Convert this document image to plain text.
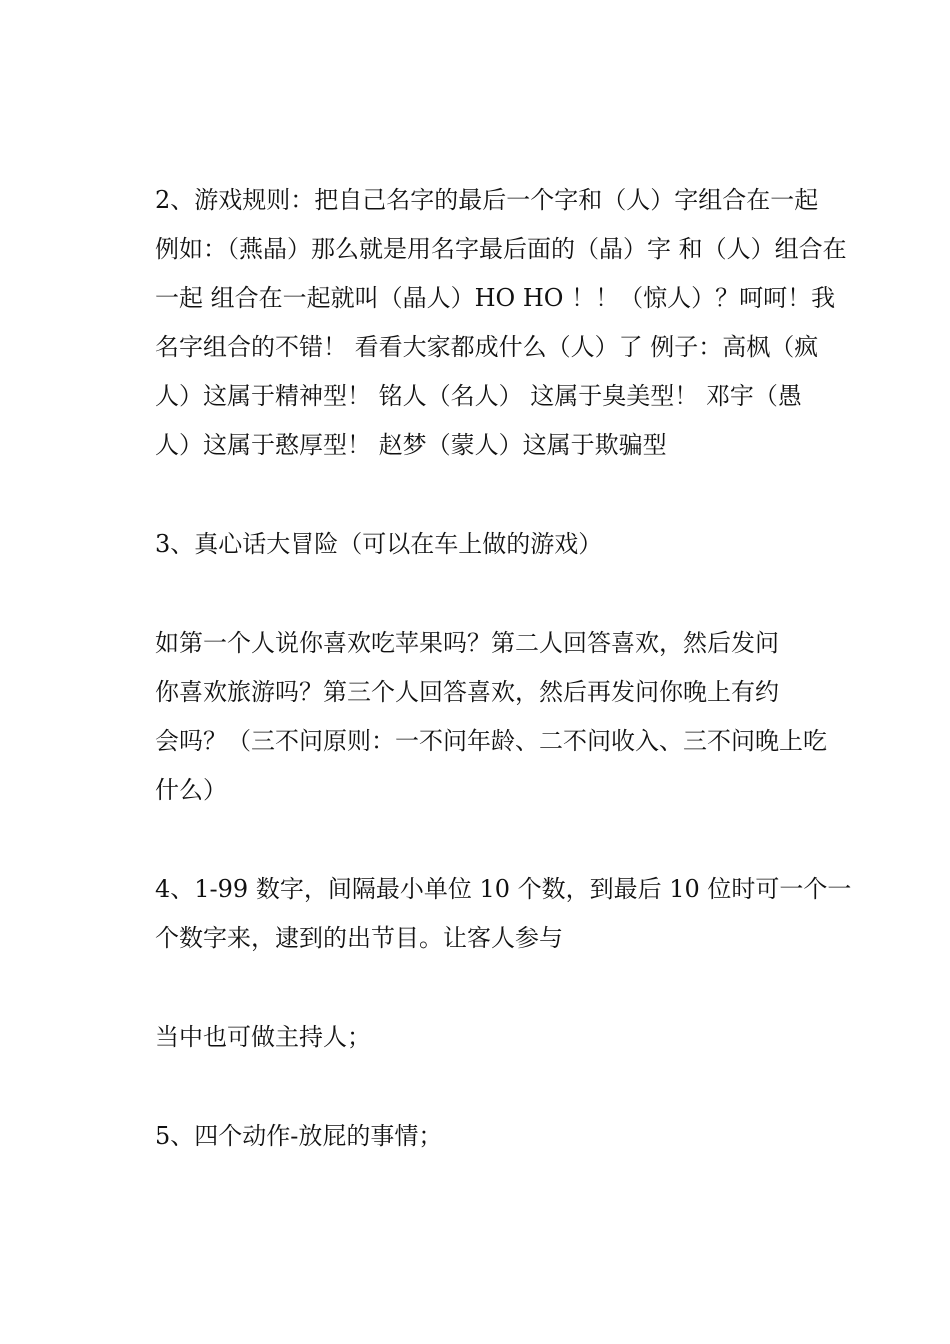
2、游戏规则：把自己名字的最后一个字和（人）字组合在一起
例如：（燕晶）那么就是用名字最后面的（晶）字 和（人）组合在
一起 组合在一起就叫（晶人）HO HO ！！（惊人）？呵呵！我
名字组合的不错！ 看看大家都成什么（人）了 例子：高枫（疯
人）这属于精神型！ 铭人（名人） 这属于臭美型！ 邓宇（愚
人）这属于憨厚型！ 赵梦（蒙人）这属于欺骗型

3、真心话大冒险（可以在车上做的游戏）

如第一个人说你喜欢吃苹果吗？第二人回答喜欢，然后发问
你喜欢旅游吗？第三个人回答喜欢，然后再发问你晚上有约
会吗？（三不问原则：一不问年龄、二不问收入、三不问晚上吃
什么）

4、1-99 数字，间隔最小单位 10 个数，到最后 10 位时可一个一
个数字来，逮到的出节目。让客人参与

当中也可做主持人；

5、四个动作-放屁的事情；
